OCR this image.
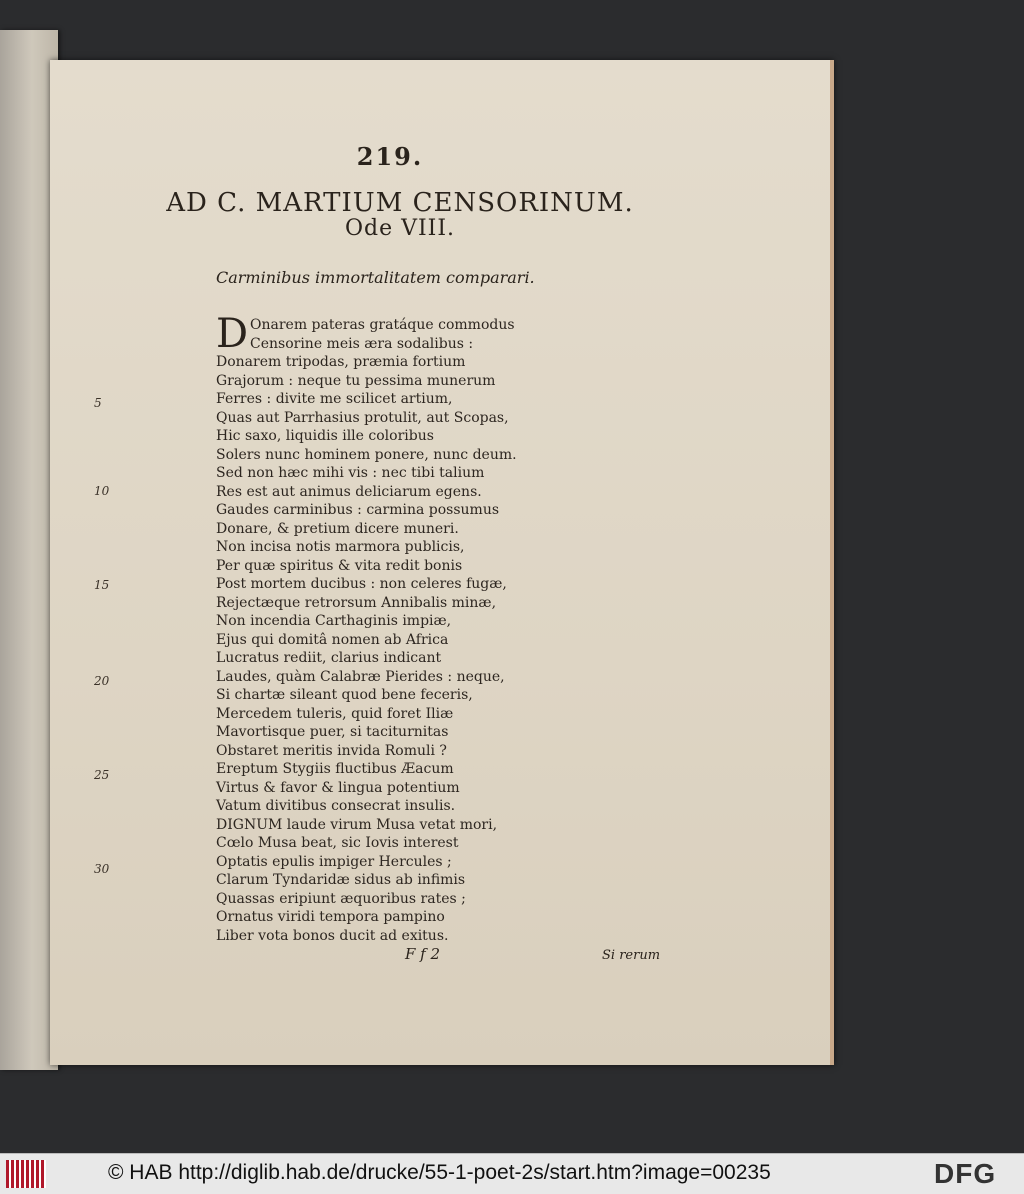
219.
AD C. MARTIUM CENSORINUM.
Ode VIII.
Carminibus immortalitatem comparari.
D Onarem pateras gratáque commodus
Censorine meis æra sodalibus :
Donarem tripodas, præmia fortium
Grajorum : neque tu pessima munerum
Ferres : divite me scilicet artium,
Quas aut Parrhasius protulit, aut Scopas,
Hic saxo, liquidis ille coloribus
Solers nunc hominem ponere, nunc deum.
Sed non hæc mihi vis : nec tibi talium
Res est aut animus deliciarum egens.
Gaudes carminibus : carmina possumus
Donare, & pretium dicere muneri.
Non incisa notis marmora publicis,
Per quæ spiritus & vita redit bonis
Post mortem ducibus : non celeres fugæ,
Rejectæque retrorsum Annibalis minæ,
Non incendia Carthaginis impiæ,
Ejus qui domitâ nomen ab Africa
Lucratus rediit, clarius indicant
Laudes, quàm Calabræ Pierides : neque,
Si chartæ sileant quod bene feceris,
Mercedem tuleris, quid foret Iliæ
Mavortisque puer, si taciturnitas
Obstaret meritis invida Romuli ?
Ereptum Stygiis fluctibus Æacum
Virtus & favor & lingua potentium
Vatum divitibus consecrat insulis.
DIGNUM laude virum Musa vetat mori,
Cœlo Musa beat, sic Iovis interest
Optatis epulis impiger Hercules ;
Clarum Tyndaridæ sidus ab infimis
Quassas eripiunt æquoribus rates ;
Ornatus viridi tempora pampino
Liber vota bonos ducit ad exitus.
5
10
15
20
25
30
F f 2	Si rerum
© HAB http://diglib.hab.de/drucke/55-1-poet-2s/start.htm?image=00235	DFG
